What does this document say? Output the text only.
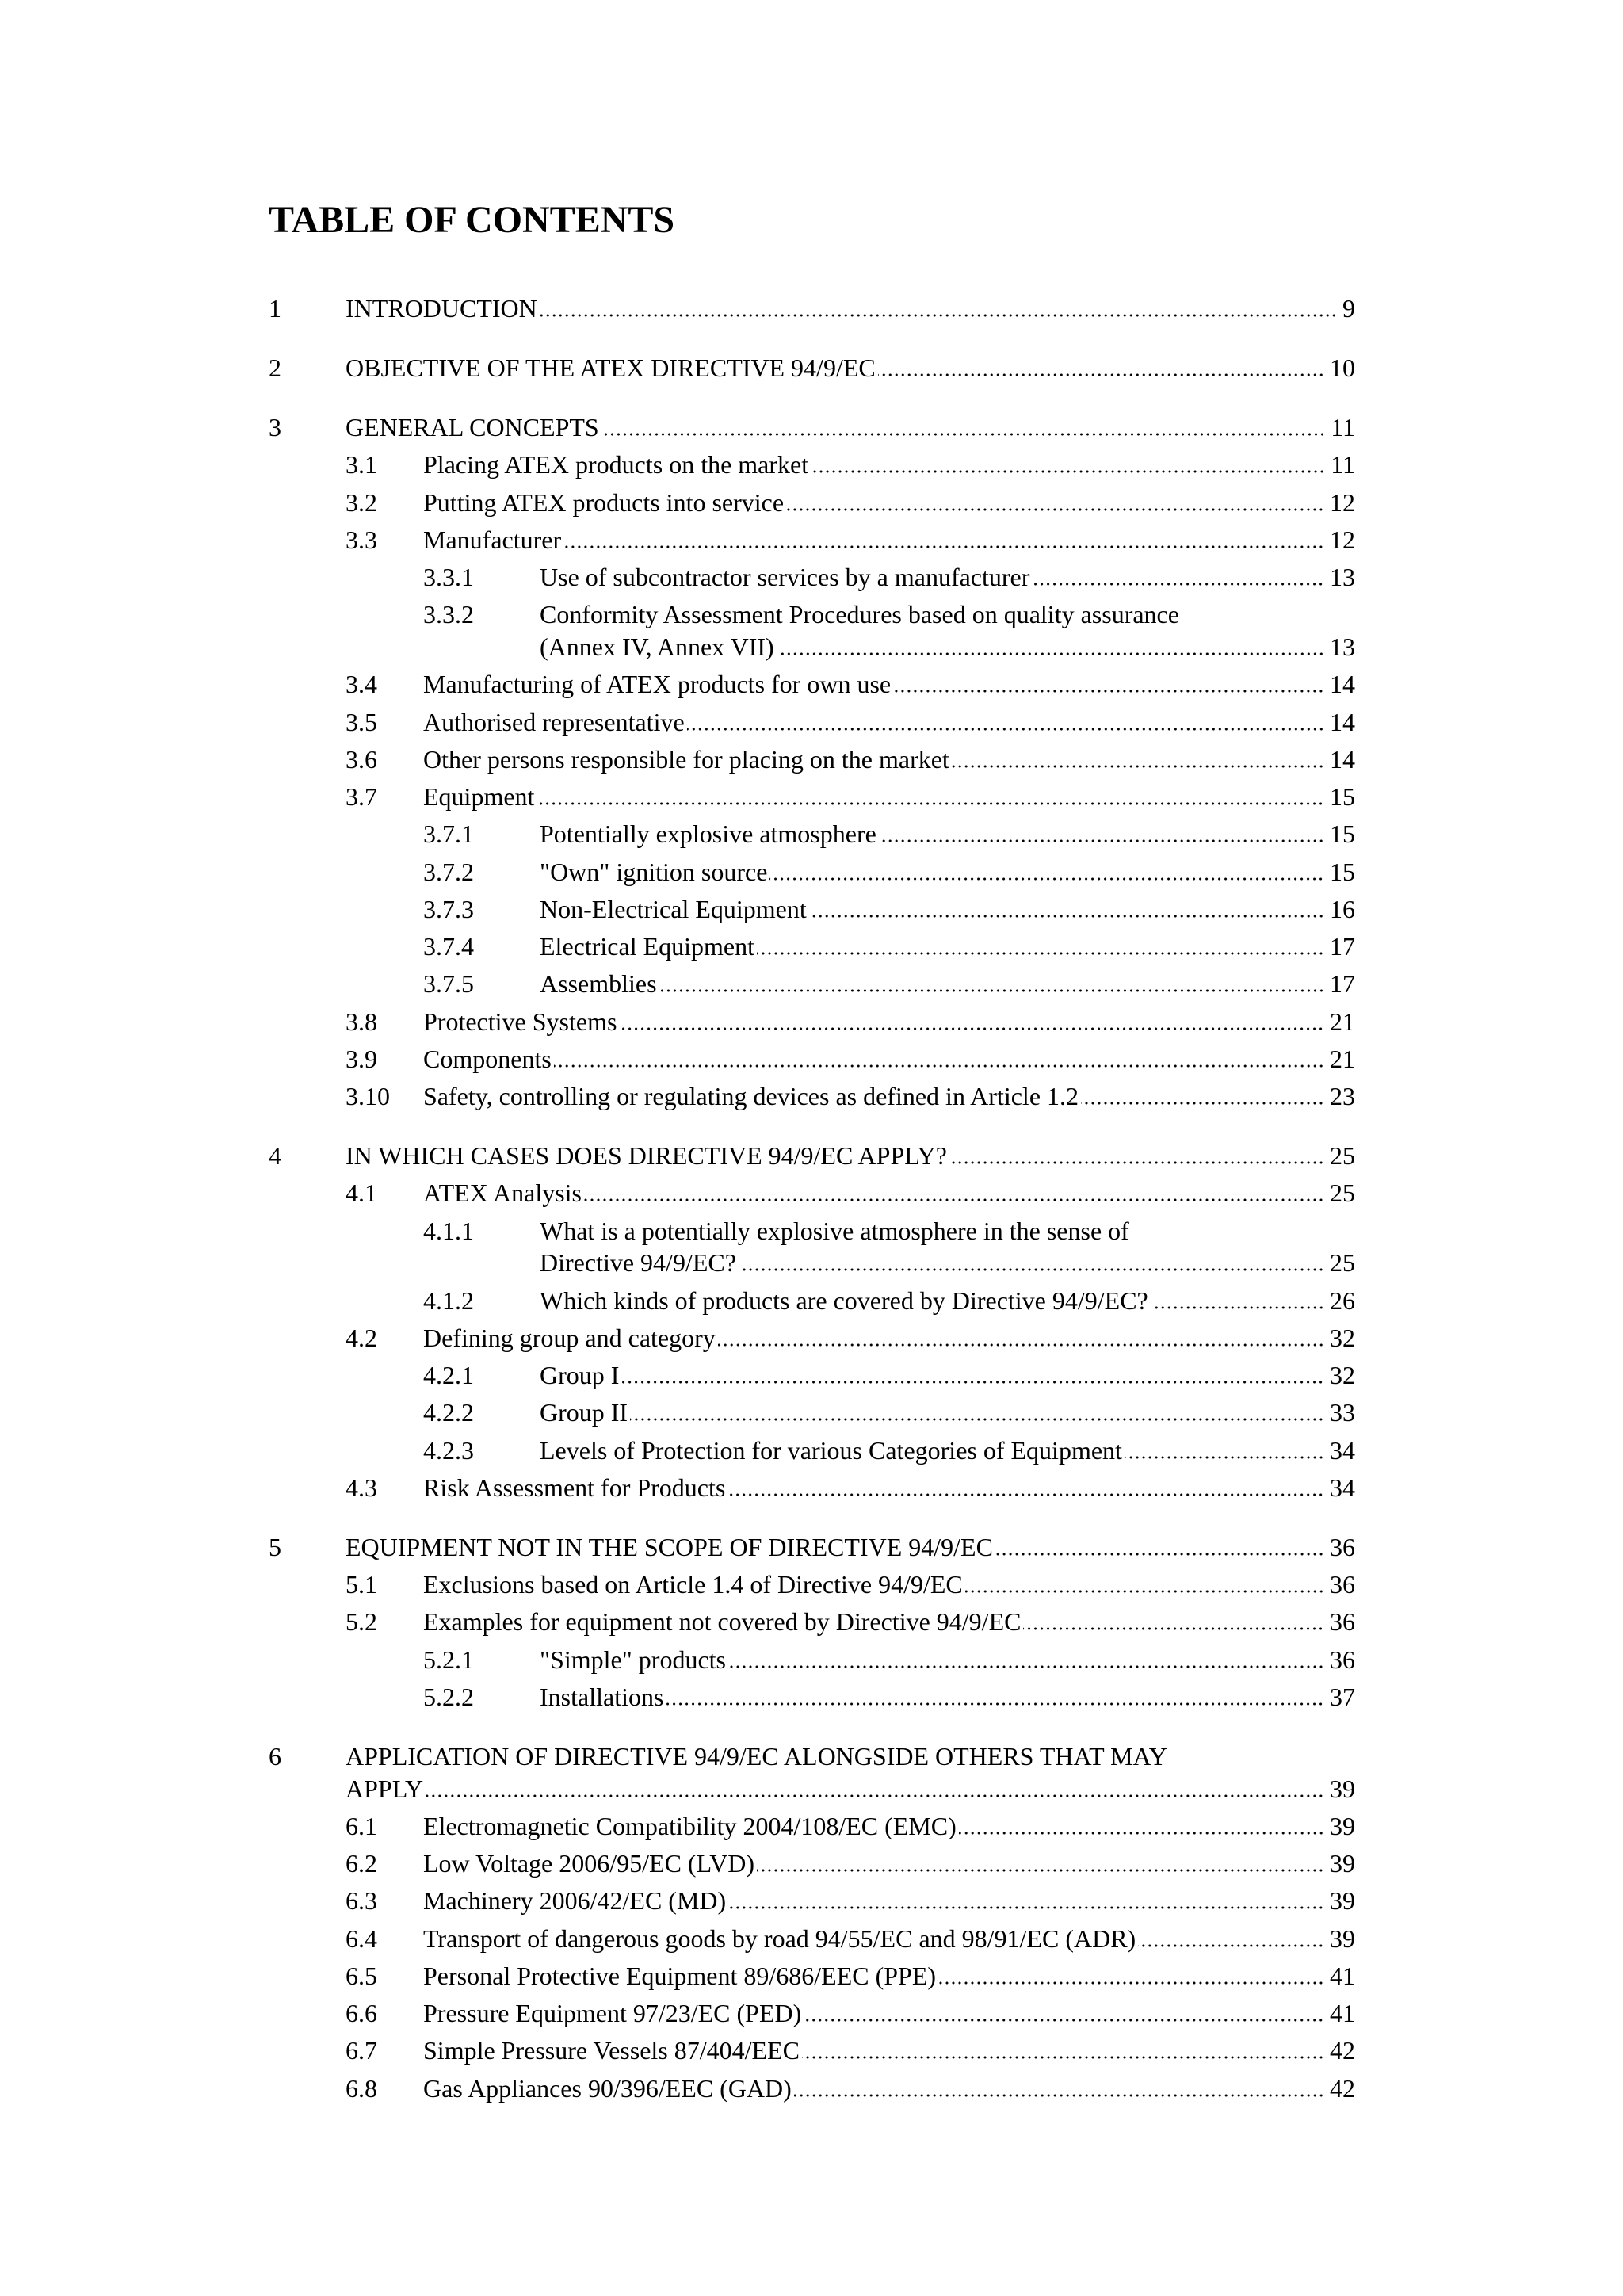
TABLE OF CONTENTS
1	INTRODUCTION	9
2	OBJECTIVE OF THE ATEX DIRECTIVE 94/9/EC	10
3	GENERAL CONCEPTS	11
3.1	Placing ATEX products on the market	11
3.2	Putting ATEX products into service	12
3.3	Manufacturer	12
3.3.1	Use of subcontractor services by a manufacturer	13
3.3.2	Conformity Assessment Procedures based on quality assurance
(Annex IV, Annex VII)	13
3.4	Manufacturing of ATEX products for own use	14
3.5	Authorised representative	14
3.6	Other persons responsible for placing on the market	14
3.7	Equipment	15
3.7.1	Potentially explosive atmosphere	15
3.7.2	"Own" ignition source	15
3.7.3	Non-Electrical Equipment	16
3.7.4	Electrical Equipment	17
3.7.5	Assemblies	17
3.8	Protective Systems	21
3.9	Components	21
3.10	Safety, controlling or regulating devices as defined in Article 1.2	23
4	IN WHICH CASES DOES DIRECTIVE 94/9/EC APPLY?	25
4.1	ATEX Analysis	25
4.1.1	What is a potentially explosive atmosphere in the sense of
Directive 94/9/EC?	25
4.1.2	Which kinds of products are covered by Directive 94/9/EC?	26
4.2	Defining group and category	32
4.2.1	Group I	32
4.2.2	Group II	33
4.2.3	Levels of Protection for various Categories of Equipment	34
4.3	Risk Assessment for Products	34
5	EQUIPMENT NOT IN THE SCOPE OF DIRECTIVE 94/9/EC	36
5.1	Exclusions based on Article 1.4 of Directive 94/9/EC	36
5.2	Examples for equipment not covered by Directive 94/9/EC	36
5.2.1	"Simple" products	36
5.2.2	Installations	37
6	APPLICATION OF DIRECTIVE 94/9/EC ALONGSIDE OTHERS THAT MAY
APPLY	39
6.1	Electromagnetic Compatibility 2004/108/EC (EMC)	39
6.2	Low Voltage 2006/95/EC (LVD)	39
6.3	Machinery 2006/42/EC (MD)	39
6.4	Transport of dangerous goods by road 94/55/EC and 98/91/EC (ADR)	39
6.5	Personal Protective Equipment 89/686/EEC (PPE)	41
6.6	Pressure Equipment 97/23/EC (PED)	41
6.7	Simple Pressure Vessels 87/404/EEC	42
6.8	Gas Appliances 90/396/EEC (GAD)	42
